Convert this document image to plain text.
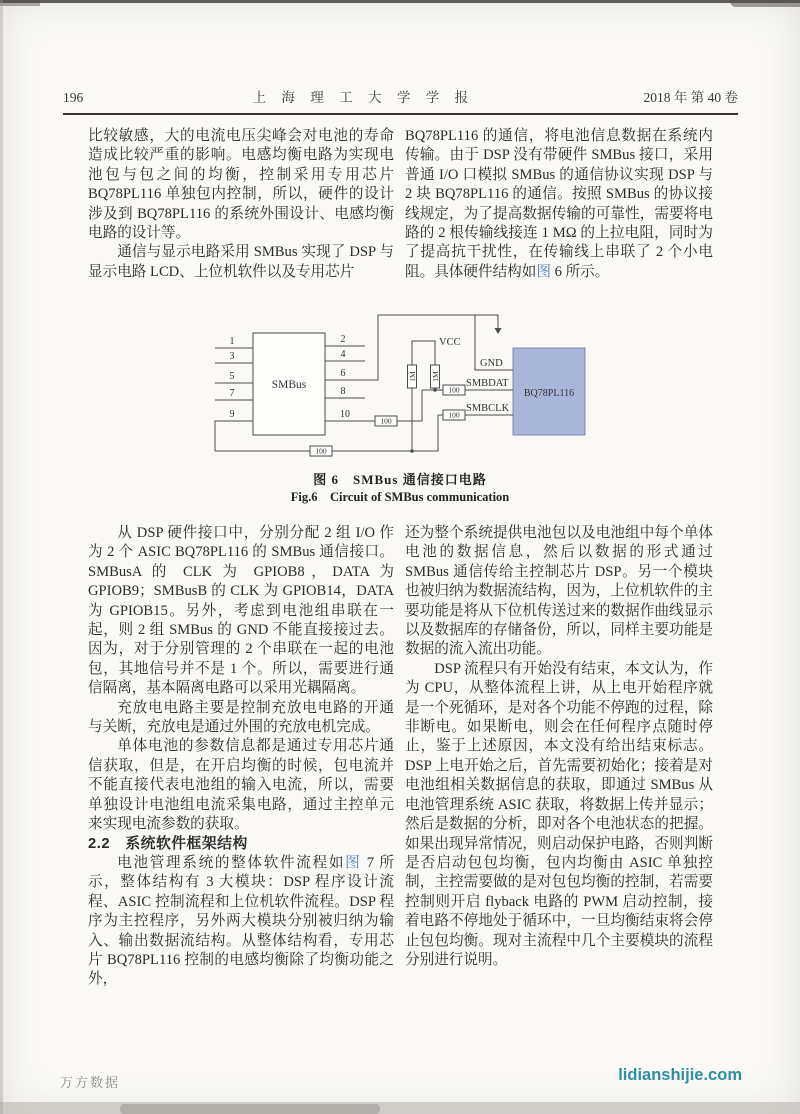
196	上 海 理 工 大 学 学 报	2018 年 第 40 卷

比较敏感，大的电流电压尖峰会对电池的寿命造成比较严重的影响。电感均衡电路为实现电池包与包之间的均衡，控制采用专用芯片 BQ78PL116 单独包内控制，所以，硬件的设计涉及到 BQ78PL116 的系统外围设计、电感均衡电路的设计等。

通信与显示电路采用 SMBus 实现了 DSP 与显示电路 LCD、上位机软件以及专用芯片

BQ78PL116 的通信，将电池信息数据在系统内传输。由于 DSP 没有带硬件 SMBus 接口，采用普通 I/O 口模拟 SMBus 的通信协议实现 DSP 与 2 块 BQ78PL116 的通信。按照 SMBus 的协议接线规定，为了提高数据传输的可靠性，需要将电路的 2 根传输线接连 1 MΩ 的上拉电阻，同时为了提高抗干扰性，在传输线上串联了 2 个小电阻。具体硬件结构如图 6 所示。

SMBus
BQ78PL116
1
3
5
7
9
2
4
6
8
10
GND
VCC
1M 1M
100
100
SMBDAT
100
100
SMBCLK
图 6　SMBus 通信接口电路
Fig.6　Circuit of SMBus communication

从 DSP 硬件接口中，分别分配 2 组 I/O 作为 2 个 ASIC BQ78PL116 的 SMBus 通信接口。SMBusA 的 CLK 为 GPIOB8，DATA 为 GPIOB9；SMBusB 的 CLK 为 GPIOB14，DATA 为 GPIOB15。另外，考虑到电池组串联在一起，则 2 组 SMBus 的 GND 不能直接接过去。因为，对于分别管理的 2 个串联在一起的电池包，其地信号并不是 1 个。所以，需要进行通信隔离，基本隔离电路可以采用光耦隔离。

充放电电路主要是控制充放电电路的开通与关断，充放电是通过外围的充放电机完成。

单体电池的参数信息都是通过专用芯片通信获取，但是，在开启均衡的时候，包电流并不能直接代表电池组的输入电流，所以，需要单独设计电池组电流采集电路，通过主控单元来实现电流参数的获取。

2.2　系统软件框架结构

电池管理系统的整体软件流程如图 7 所示，整体结构有 3 大模块：DSP 程序设计流程、ASIC 控制流程和上位机软件流程。DSP 程序为主控程序，另外两大模块分别被归纳为输入、输出数据流结构。从整体结构看，专用芯片 BQ78PL116 控制的电感均衡除了均衡功能之外，

还为整个系统提供电池包以及电池组中每个单体电池的数据信息，然后以数据的形式通过 SMBus 通信传给主控制芯片 DSP。另一个模块也被归纳为数据流结构，因为，上位机软件的主要功能是将从下位机传送过来的数据作曲线显示以及数据库的存储备份，所以，同样主要功能是数据的流入流出功能。

DSP 流程只有开始没有结束，本文认为，作为 CPU，从整体流程上讲，从上电开始程序就是一个死循环，是对各个功能不停跑的过程，除非断电。如果断电，则会在任何程序点随时停止，鉴于上述原因，本文没有给出结束标志。DSP 上电开始之后，首先需要初始化；接着是对电池组相关数据信息的获取，即通过 SMBus 从电池管理系统 ASIC 获取，将数据上传并显示；然后是数据的分析，即对各个电池状态的把握。如果出现异常情况，则启动保护电路，否则判断是否启动包包均衡，包内均衡由 ASIC 单独控制，主控需要做的是对包包均衡的控制，若需要控制则开启 flyback 电路的 PWM 启动控制，接着电路不停地处于循环中，一旦均衡结束将会停止包包均衡。现对主流程中几个主要模块的流程分别进行说明。

万方数据	lidianshijie.com
